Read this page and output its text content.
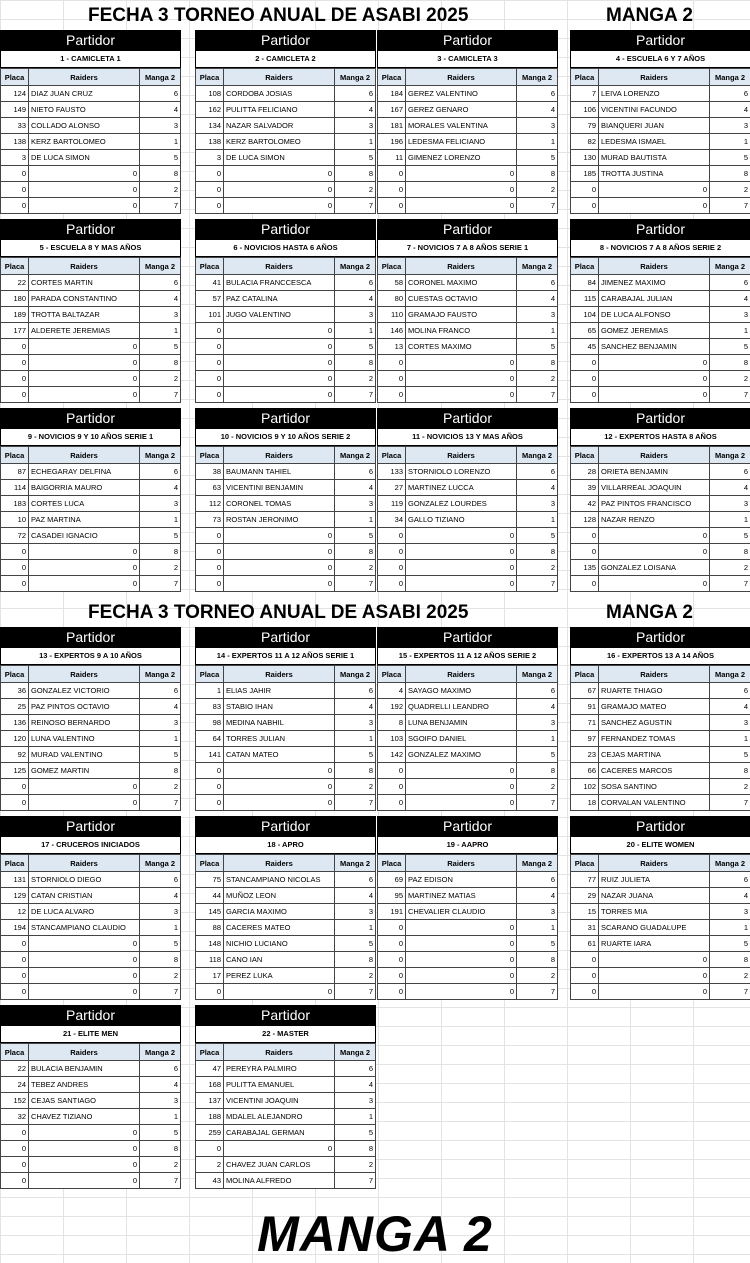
FECHA 3 TORNEO ANUAL DE ASABI 2025	MANGA 2
Partidor
1 - CAMICLETA 1
Placa	Raiders	Manga 2
124	DIAZ JUAN CRUZ	6
149	NIETO FAUSTO	4
33	COLLADO ALONSO	3
138	KERZ BARTOLOMEO	1
3	DE LUCA SIMON	5
0	0	8
0	0	2
0	0	7
Partidor
2 - CAMICLETA 2
Placa	Raiders	Manga 2
108	CORDOBA JOSIAS	6
162	PULITTA FELICIANO	4
134	NAZAR SALVADOR	3
138	KERZ BARTOLOMEO	1
3	DE LUCA SIMON	5
0	0	8
0	0	2
0	0	7
Partidor
3 - CAMICLETA 3
Placa	Raiders	Manga 2
184	GEREZ VALENTINO	6
167	GEREZ GENARO	4
181	MORALES VALENTINA	3
196	LEDESMA FELICIANO	1
11	GIMENEZ LORENZO	5
0	0	8
0	0	2
0	0	7
Partidor
4 - ESCUELA 6 Y 7 AÑOS
Placa	Raiders	Manga 2
7	LEIVA LORENZO	6
106	VICENTINI FACUNDO	4
79	BIANQUERI JUAN	3
82	LEDESMA ISMAEL	1
130	MURAD BAUTISTA	5
185	TROTTA JUSTINA	8
0	0	2
0	0	7
Partidor
5 - ESCUELA 8 Y MAS AÑOS
Placa	Raiders	Manga 2
22	CORTES MARTIN	6
180	PARADA CONSTANTINO	4
189	TROTTA BALTAZAR	3
177	ALDERETE JEREMIAS	1
0	0	5
0	0	8
0	0	2
0	0	7
Partidor
6 - NOVICIOS HASTA 6 AÑOS
Placa	Raiders	Manga 2
41	BULACIA FRANCCESCA	6
57	PAZ CATALINA	4
101	JUGO VALENTINO	3
0	0	1
0	0	5
0	0	8
0	0	2
0	0	7
Partidor
7 - NOVICIOS 7 A 8 AÑOS SERIE 1
Placa	Raiders	Manga 2
58	CORONEL MAXIMO	6
80	CUESTAS OCTAVIO	4
110	GRAMAJO FAUSTO	3
146	MOLINA FRANCO	1
13	CORTES MAXIMO	5
0	0	8
0	0	2
0	0	7
Partidor
8 - NOVICIOS 7 A 8 AÑOS SERIE 2
Placa	Raiders	Manga 2
84	JIMENEZ MAXIMO	6
115	CARABAJAL JULIAN	4
104	DE LUCA ALFONSO	3
65	GOMEZ JEREMIAS	1
45	SANCHEZ BENJAMIN	5
0	0	8
0	0	2
0	0	7
Partidor
9 - NOVICIOS 9 Y 10 AÑOS SERIE 1
Placa	Raiders	Manga 2
87	ECHEGARAY DELFINA	6
114	BAIGORRIA MAURO	4
183	CORTES LUCA	3
10	PAZ MARTINA	1
72	CASADEI IGNACIO	5
0	0	8
0	0	2
0	0	7
Partidor
10 - NOVICIOS 9 Y 10 AÑOS SERIE 2
Placa	Raiders	Manga 2
38	BAUMANN TAHIEL	6
63	VICENTINI BENJAMIN	4
112	CORONEL TOMAS	3
73	ROSTAN JERONIMO	1
0	0	5
0	0	8
0	0	2
0	0	7
Partidor
11 - NOVICIOS 13 Y MAS AÑOS
Placa	Raiders	Manga 2
133	STORNIOLO LORENZO	6
27	MARTINEZ LUCCA	4
119	GONZALEZ LOURDES	3
34	GALLO TIZIANO	1
0	0	5
0	0	8
0	0	2
0	0	7
Partidor
12 - EXPERTOS HASTA 8 AÑOS
Placa	Raiders	Manga 2
28	ORIETA BENJAMIN	6
39	VILLARREAL JOAQUIN	4
42	PAZ PINTOS FRANCISCO	3
128	NAZAR RENZO	1
0	0	5
0	0	8
135	GONZALEZ LOISANA	2
0	0	7
FECHA 3 TORNEO ANUAL DE ASABI 2025	MANGA 2
Partidor
13 - EXPERTOS 9 A 10 AÑOS
Placa	Raiders	Manga 2
36	GONZALEZ VICTORIO	6
25	PAZ PINTOS OCTAVIO	4
136	REINOSO BERNARDO	3
120	LUNA VALENTINO	1
92	MURAD VALENTINO	5
125	GOMEZ MARTIN	8
0	0	2
0	0	7
Partidor
14 - EXPERTOS 11 A 12 AÑOS SERIE 1
Placa	Raiders	Manga 2
1	ELIAS JAHIR	6
83	STABIO IHAN	4
98	MEDINA NABHIL	3
64	TORRES JULIAN	1
141	CATAN MATEO	5
0	0	8
0	0	2
0	0	7
Partidor
15 - EXPERTOS 11 A 12 AÑOS SERIE 2
Placa	Raiders	Manga 2
4	SAYAGO MAXIMO	6
192	QUADRELLI LEANDRO	4
8	LUNA BENJAMIN	3
103	SGOIFO DANIEL	1
142	GONZALEZ MAXIMO	5
0	0	8
0	0	2
0	0	7
Partidor
16 - EXPERTOS 13 A 14 AÑOS
Placa	Raiders	Manga 2
67	RUARTE THIAGO	6
91	GRAMAJO MATEO	4
71	SANCHEZ AGUSTIN	3
97	FERNANDEZ TOMAS	1
23	CEJAS MARTINA	5
66	CACERES MARCOS	8
102	SOSA SANTINO	2
18	CORVALAN VALENTINO	7
Partidor
17 - CRUCEROS INICIADOS
Placa	Raiders	Manga 2
131	STORNIOLO DIEGO	6
129	CATAN CRISTIAN	4
12	DE LUCA ALVARO	3
194	STANCAMPIANO CLAUDIO	1
0	0	5
0	0	8
0	0	2
0	0	7
Partidor
18 - APRO
Placa	Raiders	Manga 2
75	STANCAMPIANO NICOLAS	6
44	MUÑOZ LEON	4
145	GARCIA MAXIMO	3
88	CACERES MATEO	1
148	NICHIO LUCIANO	5
118	CANO IAN	8
17	PEREZ LUKA	2
0	0	7
Partidor
19 - AAPRO
Placa	Raiders	Manga 2
69	PAZ EDISON	6
95	MARTINEZ MATIAS	4
191	CHEVALIER CLAUDIO	3
0	0	1
0	0	5
0	0	8
0	0	2
0	0	7
Partidor
20 - ELITE WOMEN
Placa	Raiders	Manga 2
77	RUIZ JULIETA	6
29	NAZAR JUANA	4
15	TORRES MIA	3
31	SCARANO GUADALUPE	1
61	RUARTE IARA	5
0	0	8
0	0	2
0	0	7
Partidor
21 - ELITE MEN
Placa	Raiders	Manga 2
22	BULACIA BENJAMIN	6
24	TEBEZ ANDRES	4
152	CEJAS SANTIAGO	3
32	CHAVEZ TIZIANO	1
0	0	5
0	0	8
0	0	2
0	0	7
Partidor
22 - MASTER
Placa	Raiders	Manga 2
47	PEREYRA PALMIRO	6
168	PULITTA EMANUEL	4
137	VICENTINI JOAQUIN	3
188	MDALEL ALEJANDRO	1
259	CARABAJAL GERMAN	5
0	0	8
2	CHAVEZ JUAN CARLOS	2
43	MOLINA ALFREDO	7
MANGA 2
